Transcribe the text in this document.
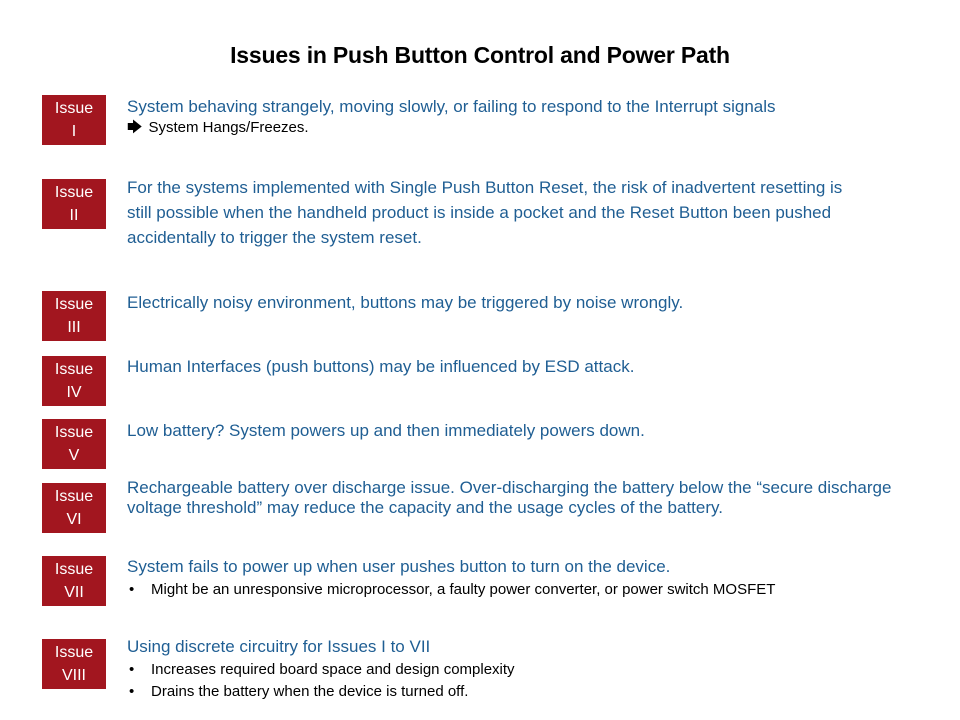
Issues in Push Button Control and Power Path
Issue
I
System behaving strangely, moving slowly, or failing to respond to the Interrupt signals
🡆 System Hangs/Freezes.
Issue
II
For the systems implemented with Single Push Button Reset, the risk of inadvertent resetting is still possible when the handheld product is inside a pocket and the Reset Button been pushed accidentally to trigger the system reset.
Issue
III
Electrically noisy environment, buttons may be triggered by noise wrongly.
Issue
IV
Human Interfaces (push buttons) may be influenced by ESD attack.
Issue
V
Low battery? System powers up and then immediately powers down.
Issue
VI
Rechargeable battery over discharge issue. Over-discharging the battery below the “secure discharge voltage threshold” may reduce the capacity and the usage cycles of the battery.
Issue
VII
System fails to power up when user pushes button to turn on the device.
• Might be an unresponsive microprocessor, a faulty power converter, or power switch MOSFET
Issue
VIII
Using discrete circuitry for Issues I to VII
• Increases required board space and design complexity
• Drains the battery when the device is turned off.
